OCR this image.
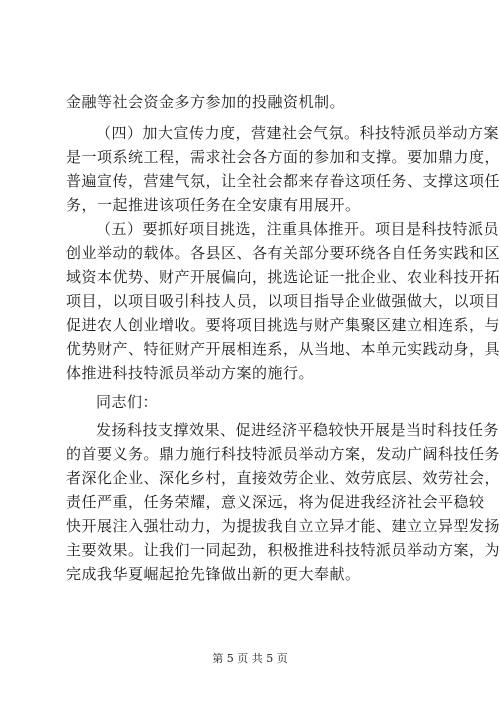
金融等社会资金多方参加的投融资机制。
（四）加大宣传力度，营建社会气氛。科技特派员举动方案
是一项系统工程，需求社会各方面的参加和支撑。要加鼎力度，
普遍宣传，营建气氛，让全社会都来存眷这项任务、支撑这项任
务，一起推进该项任务在全安康有用展开。
（五）要抓好项目挑选，注重具体推开。项目是科技特派员
创业举动的载体。各县区、各有关部分要环绕各自任务实践和区
域资本优势、财产开展偏向，挑选论证一批企业、农业科技开拓
项目，以项目吸引科技人员，以项目指导企业做强做大，以项目
促进农人创业增收。要将项目挑选与财产集聚区建立相连系，与
优势财产、特征财产开展相连系，从当地、本单元实践动身，具
体推进科技特派员举动方案的施行。
同志们：
发扬科技支撑效果、促进经济平稳较快开展是当时科技任务
的首要义务。鼎力施行科技特派员举动方案，发动广阔科技任务
者深化企业、深化乡村，直接效劳企业、效劳底层、效劳社会，
责任严重，任务荣耀，意义深远，将为促进我经济社会平稳较
快开展注入强壮动力，为提拔我自立立异才能、建立立异型发扬
主要效果。让我们一同起劲，积极推进科技特派员举动方案，为
完成我华夏崛起抢先锋做出新的更大奉献。
第 5 页 共 5 页
